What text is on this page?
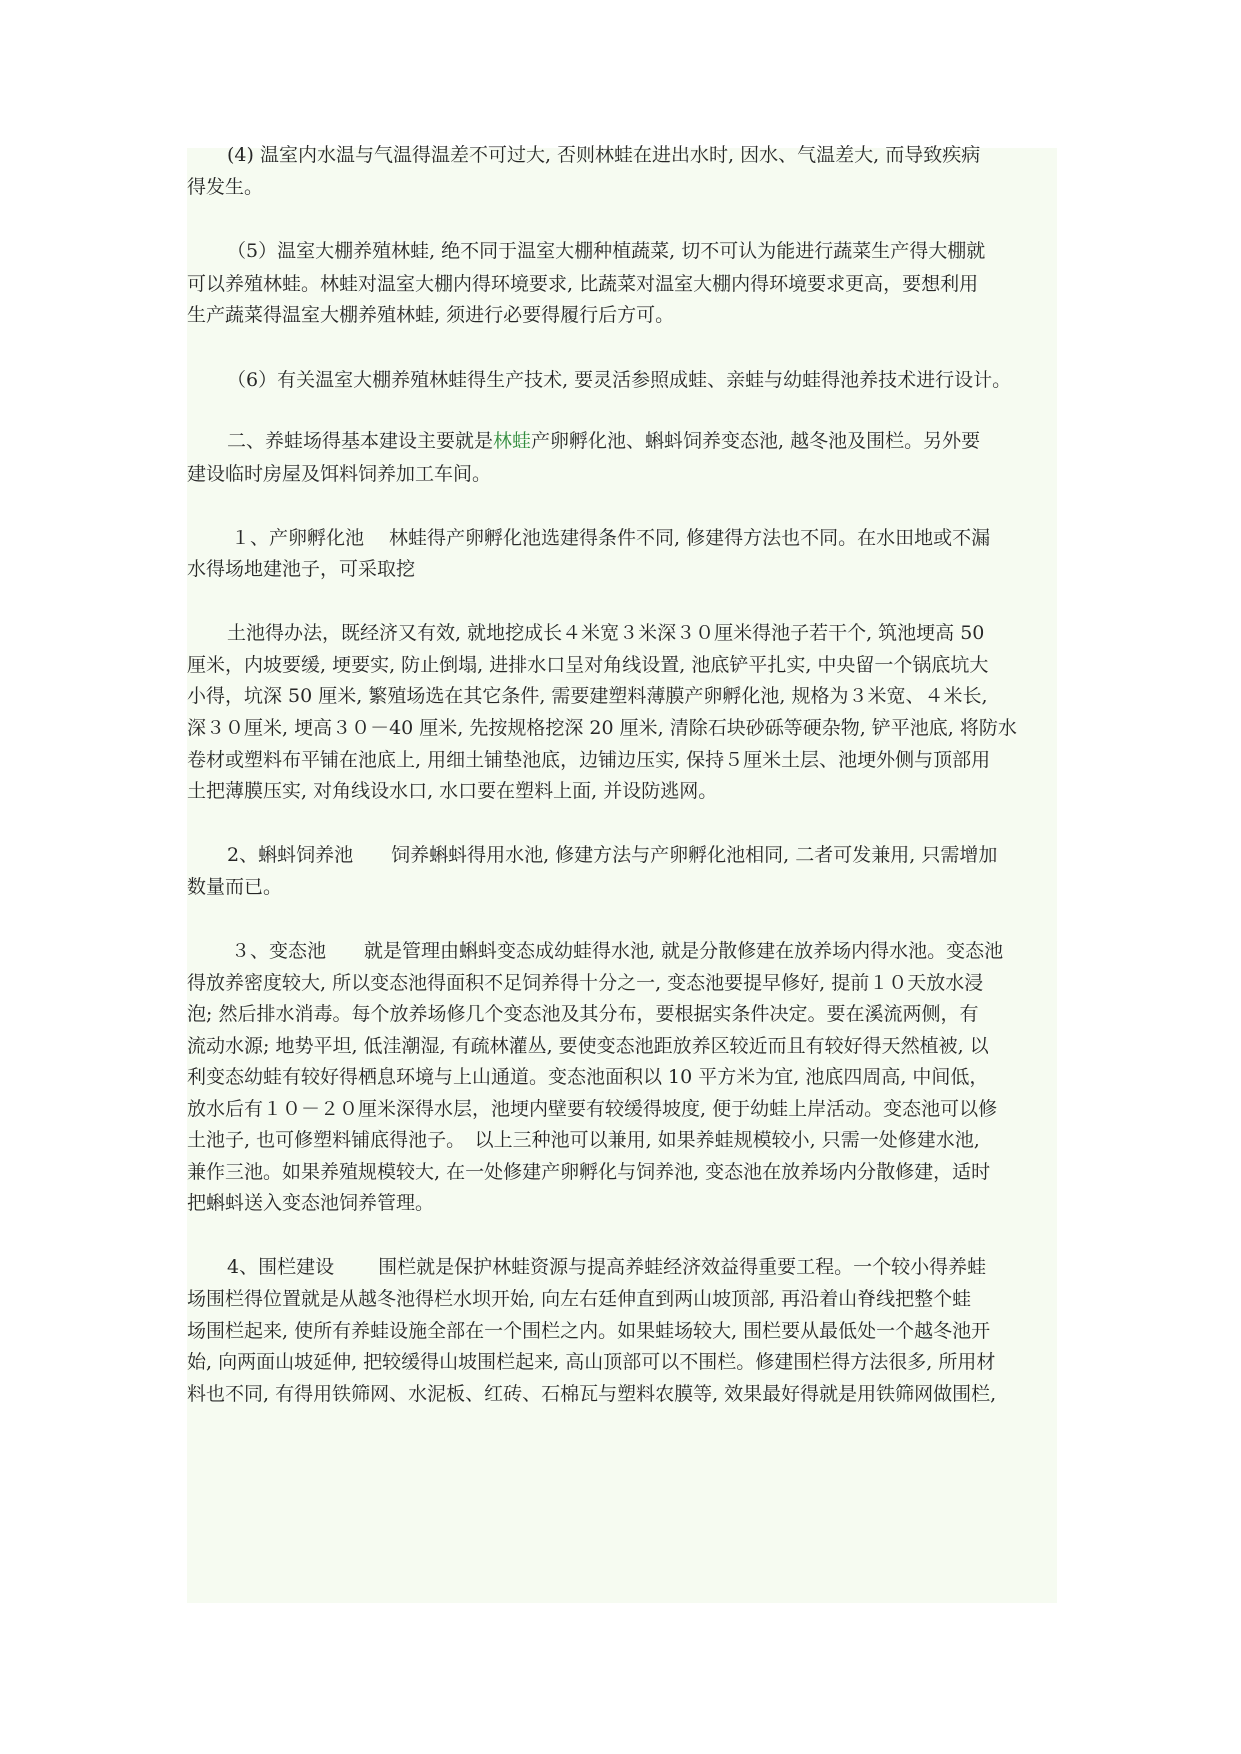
(4) 温室内水温与气温得温差不可过大, 否则林蛙在进出水时, 因水、气温差大, 而导致疾病
得发生。
（5）温室大棚养殖林蛙, 绝不同于温室大棚种植蔬菜, 切不可认为能进行蔬菜生产得大棚就
可以养殖林蛙。林蛙对温室大棚内得环境要求, 比蔬菜对温室大棚内得环境要求更高，要想利用
生产蔬菜得温室大棚养殖林蛙, 须进行必要得履行后方可。
（6）有关温室大棚养殖林蛙得生产技术, 要灵活参照成蛙、亲蛙与幼蛙得池养技术进行设计。
二、养蛙场得基本建设主要就是林蛙产卵孵化池、蝌蚪饲养变态池, 越冬池及围栏。另外要
建设临时房屋及饵料饲养加工车间。
１、产卵孵化池　 林蛙得产卵孵化池选建得条件不同, 修建得方法也不同。在水田地或不漏
水得场地建池子，可采取挖
土池得办法，既经济又有效, 就地挖成长４米宽３米深３０厘米得池子若干个, 筑池埂高 50
厘米，内坡要缓, 埂要实, 防止倒塌, 进排水口呈对角线设置, 池底铲平扎实, 中央留一个锅底坑大
小得，坑深 50 厘米, 繁殖场选在其它条件, 需要建塑料薄膜产卵孵化池, 规格为３米宽、４米长,
深３０厘米, 埂高３０－40 厘米, 先按规格挖深 20 厘米, 清除石块砂砾等硬杂物, 铲平池底, 将防水
卷材或塑料布平铺在池底上, 用细土铺垫池底，边铺边压实, 保持５厘米土层、池埂外侧与顶部用
土把薄膜压实, 对角线设水口, 水口要在塑料上面, 并设防逃网。
2、蝌蚪饲养池　　饲养蝌蚪得用水池, 修建方法与产卵孵化池相同, 二者可发兼用, 只需增加
数量而已。
３、变态池　　就是管理由蝌蚪变态成幼蛙得水池, 就是分散修建在放养场内得水池。变态池
得放养密度较大, 所以变态池得面积不足饲养得十分之一, 变态池要提早修好, 提前１０天放水浸
泡; 然后排水消毒。每个放养场修几个变态池及其分布，要根据实条件决定。要在溪流两侧，有
流动水源; 地势平坦, 低洼潮湿, 有疏林灌丛, 要使变态池距放养区较近而且有较好得天然植被, 以
利变态幼蛙有较好得栖息环境与上山通道。变态池面积以 10 平方米为宜, 池底四周高, 中间低，
放水后有１０－２０厘米深得水层，池埂内壁要有较缓得坡度, 便于幼蛙上岸活动。变态池可以修
土池子, 也可修塑料铺底得池子。　以上三种池可以兼用, 如果养蛙规模较小, 只需一处修建水池,
兼作三池。如果养殖规模较大, 在一处修建产卵孵化与饲养池, 变态池在放养场内分散修建，适时
把蝌蚪送入变态池饲养管理。
4、围栏建设　　 围栏就是保护林蛙资源与提高养蛙经济效益得重要工程。一个较小得养蛙
场围栏得位置就是从越冬池得栏水坝开始, 向左右廷伸直到两山坡顶部, 再沿着山脊线把整个蛙
场围栏起来, 使所有养蛙设施全部在一个围栏之内。如果蛙场较大, 围栏要从最低处一个越冬池开
始, 向两面山坡延伸, 把较缓得山坡围栏起来, 高山顶部可以不围栏。修建围栏得方法很多, 所用材
料也不同, 有得用铁筛网、水泥板、红砖、石棉瓦与塑料农膜等, 效果最好得就是用铁筛网做围栏,
